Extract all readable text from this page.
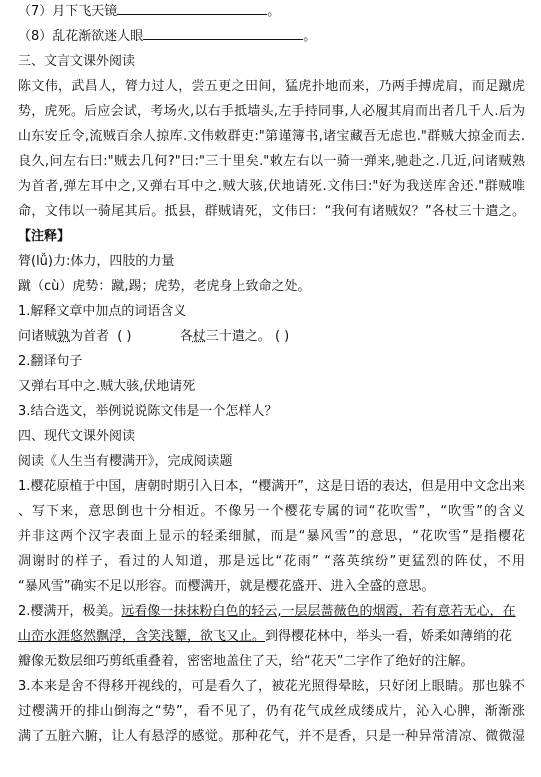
（7）月下飞天镜	。
（8）乱花渐欲迷人眼	。
三、文言文课外阅读
陈文伟，武昌人，膂力过人，尝五更之田间，猛虎扑地而来，乃两手搏虎肩，而足蹴虎
势，虎死。后应会试，考场火,以右手抵墙头,左手持同事,人必履其肩而出者几千人.后为
山东安丘令,流贼百余人掠库.文伟敕群吏:"第谨簿书,诸宝藏吾无虑也."群贼大掠金而去.
良久,问左右曰:"贼去几何?"曰:"三十里矣."敕左右以一骑一弹来,驰赴之.几近,问诸贼熟
为首者,弹左耳中之,又弹右耳中之.贼大骇,伏地请死.文伟曰:"好为我送库舍还."群贼唯
命，文伟以一骑尾其后。抵县，群贼请死，文伟曰：“我何有诸贼奴？”各杖三十遣之。
【注释】
膂(lǚ)力:体力，四肢的力量
蹴（cù）虎势：蹴,踢；虎势，老虎身上致命之处。
1.解释文章中加点的词语含义
问诸贼孰为首者 ( )	各杖三十遣之。 ( )
2.翻译句子
又弹右耳中之.贼大骇,伏地请死
3.结合选文，举例说说陈文伟是一个怎样人？
四、现代文课外阅读
阅读《人生当有樱满开》，完成阅读题
1.樱花原植于中国，唐朝时期引入日本，“樱满开”，这是日语的表达，但是用中文念出来
、写下来，意思倒也十分相近。不像另一个樱花专属的词“花吹雪”，“吹雪”的含义
并非这两个汉字表面上显示的轻柔细腻，而是“暴风雪”的意思，“花吹雪”是指樱花
凋谢时的样子，看过的人知道，那是远比“花雨” “落英缤纷”更猛烈的阵仗，不用
“暴风雪”确实不足以形容。而樱满开，就是樱花盛开、进入全盛的意思。
2.樱满开，极美。远看像一抹抹粉白色的轻云,一层层蔷薇色的烟霞，若有意若无心，在
山峦水涯悠然飘浮，含笑浅颦，欲飞又止。到得樱花林中，举头一看，娇柔如薄绡的花
瓣像无数层细巧剪纸重叠着，密密地盖住了天，给“花天”二字作了绝好的注解。
3.本来是舍不得移开视线的，可是看久了，被花光照得晕眩，只好闭上眼睛。那也躲不
过樱满开的排山倒海之“势”，看不见了，仍有花气成丝成缕成片，沁入心脾，渐渐涨
满了五脏六腑，让人有悬浮的感觉。那种花气，并不是香，只是一种异常清凉、微微湿
